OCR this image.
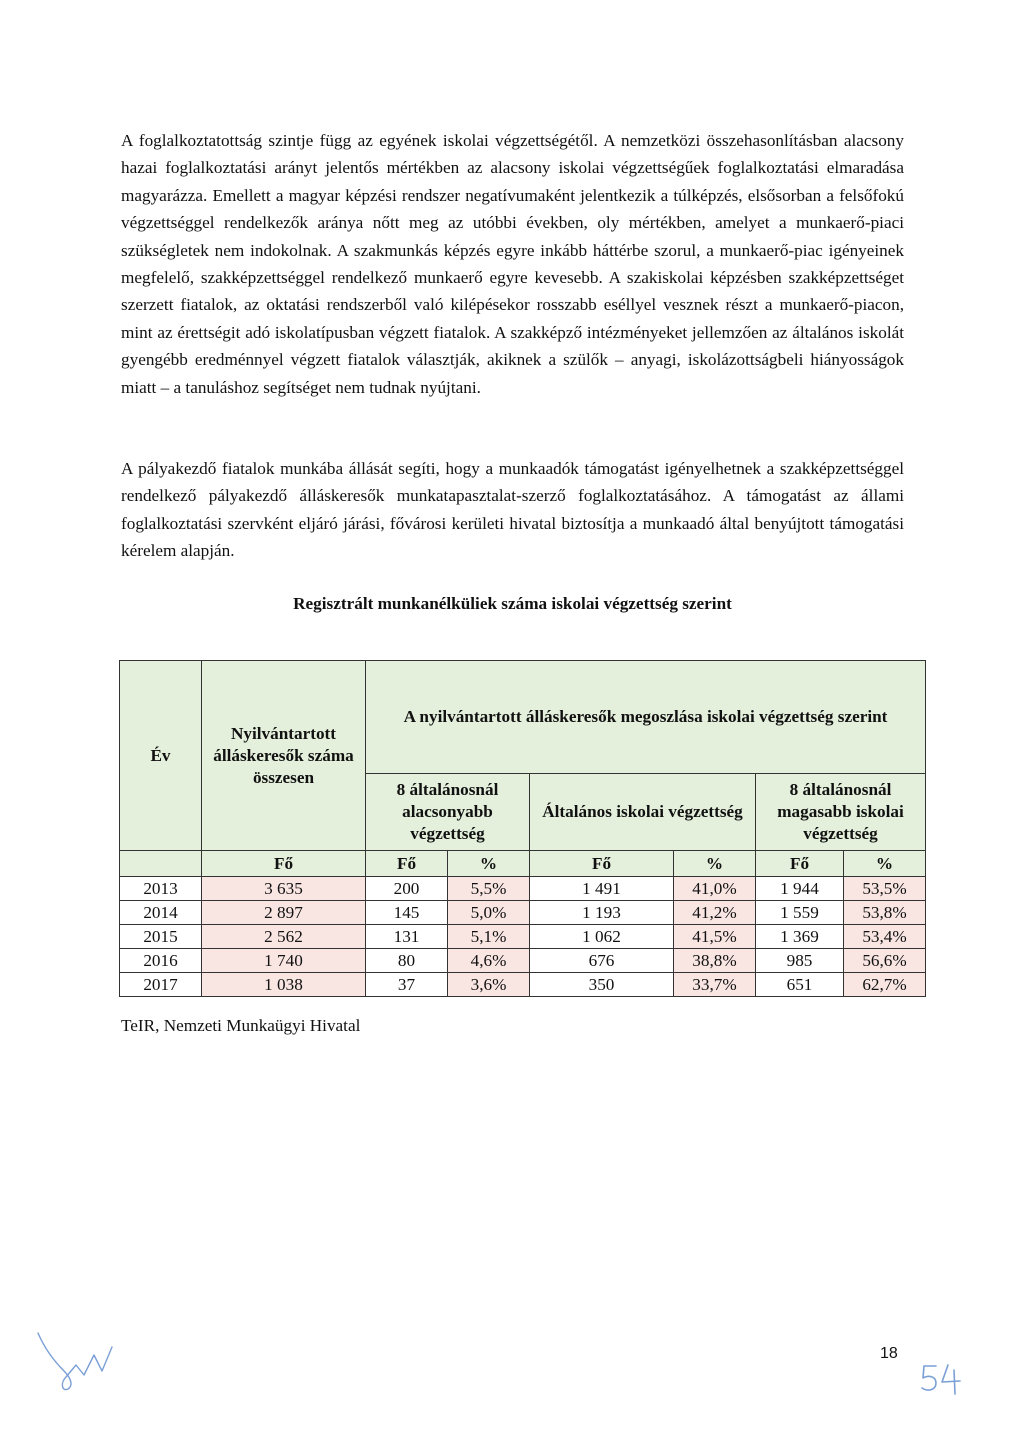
A foglalkoztatottság szintje függ az egyének iskolai végzettségétől. A nemzetközi összehasonlításban alacsony hazai foglalkoztatási arányt jelentős mértékben az alacsony iskolai végzettségűek foglalkoztatási elmaradása magyarázza. Emellett a magyar képzési rendszer negatívumaként jelentkezik a túlképzés, elsősorban a felsőfokú végzettséggel rendelkezők aránya nőtt meg az utóbbi években, oly mértékben, amelyet a munkaerő-piaci szükségletek nem indokolnak. A szakmunkás képzés egyre inkább háttérbe szorul, a munkaerő-piac igényeinek megfelelő, szakképzettséggel rendelkező munkaerő egyre kevesebb. A szakiskolai képzésben szakképzettséget szerzett fiatalok, az oktatási rendszerből való kilépésekor rosszabb eséllyel vesznek részt a munkaerő-piacon, mint az érettségit adó iskolatípusban végzett fiatalok. A szakképző intézményeket jellemzően az általános iskolát gyengébb eredménnyel végzett fiatalok választják, akiknek a szülők – anyagi, iskolázottságbeli hiányosságok miatt – a tanuláshoz segítséget nem tudnak nyújtani.

A pályakezdő fiatalok munkába állását segíti, hogy a munkaadók támogatást igényelhetnek a szakképzettséggel rendelkező pályakezdő álláskeresők munkatapasztalat-szerző foglalkoztatásához. A támogatást az állami foglalkoztatási szervként eljáró járási, fővárosi kerületi hivatal biztosítja a munkaadó által benyújtott támogatási kérelem alapján.

Regisztrált munkanélküliek száma iskolai végzettség szerint
Év	Nyilvántartott álláskeresők száma összesen	A nyilvántartott álláskeresők megoszlása iskolai végzettség szerint					
		8 általánosnál alacsonyabb végzettség		Általános iskolai végzettség		8 általánosnál magasabb iskolai végzettség	
	Fő	Fő	%	Fő	%	Fő	%
2013	3 635	200	5,5%	1 491	41,0%	1 944	53,5%
2014	2 897	145	5,0%	1 193	41,2%	1 559	53,8%
2015	2 562	131	5,1%	1 062	41,5%	1 369	53,4%
2016	1 740	80	4,6%	676	38,8%	985	56,6%
2017	1 038	37	3,6%	350	33,7%	651	62,7%
TeIR, Nemzeti Munkaügyi Hivatal
18
